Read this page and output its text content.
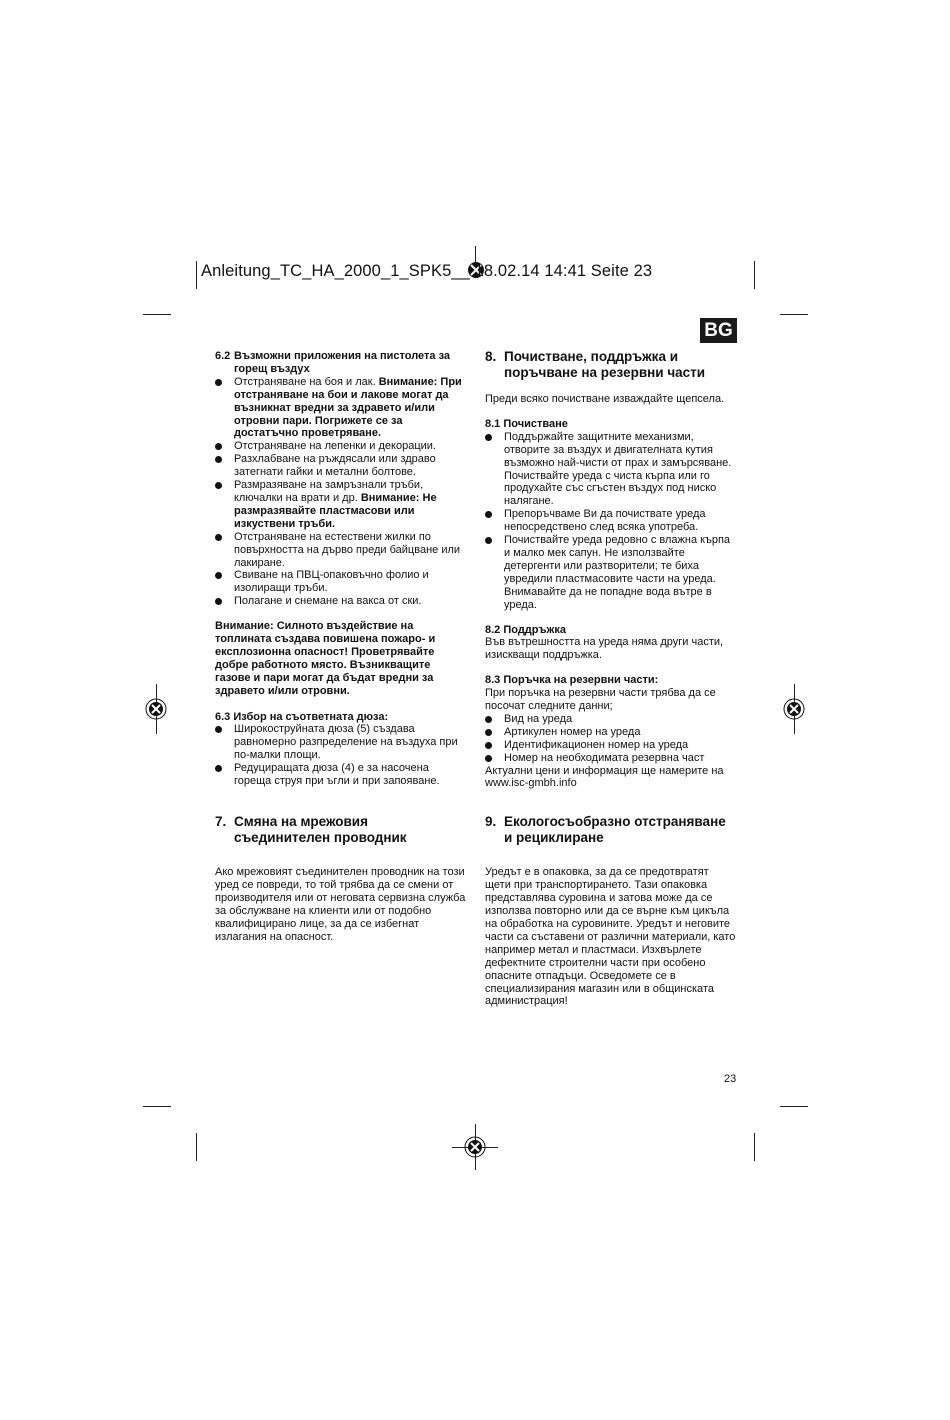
Anleitung_TC_HA_2000_1_SPK5__ 18.02.14 14:41 Seite 23
BG
6.2 Възможни приложения на пистолета за горещ въздух
Отстраняване на боя и лак. Внимание: При отстраняване на бои и лакове могат да възникнат вредни за здравето и/или отровни пари. Погрижете се за достатъчно проветряване.
Отстраняване на лепенки и декорации.
Разхлабване на ръждясали или здраво затегнати гайки и метални болтове.
Размразяване на замръзнали тръби, ключалки на врати и др. Внимание: Не размразявайте пластмасови или изкуствени тръби.
Отстраняване на естествени жилки по повърхността на дърво преди байцване или лакиране.
Свиване на ПВЦ-опаковъчно фолио и изолиращи тръби.
Полагане и снемане на вакса от ски.

Внимание: Силното въздействие на топлината създава повишена пожаро- и експлозионна опасност! Проветрявайте добре работното място. Възникващите газове и пари могат да бъдат вредни за здравето и/или отровни.

6.3 Избор на съответната дюза:

Широкоструйната дюза (5) създава равномерно разпределение на въздуха при по-малки площи.
Редуциращата дюза (4) е за насочена гореща струя при ъгли и при запояване.
7. Смяна на мрежовия съединителен проводник

Ако мрежовият съединителен проводник на този уред се повреди, то той трябва да се смени от производителя или от неговата сервизна служба за обслужване на клиенти или от подобно квалифицирано лице, за да се избегнат излагания на опасност.

8. Почистване, поддръжка и поръчване на резервни части

Преди всяко почистване изваждайте щепсела.

8.1 Почистване

Поддържайте защитните механизми, отворите за въздух и двигателната кутия възможно най-чисти от прах и замърсяване. Почиствайте уреда с чиста кърпа или го продухайте със сгъстен въздух под ниско налягане.
Препоръчваме Ви да почиствате уреда непосредствено след всяка употреба.
Почиствайте уреда редовно с влажна кърпа и малко мек сапун. Не използвайте детергенти или разтворители; те биха увредили пластмасовите части на уреда. Внимавайте да не попадне вода вътре в уреда.

8.2 Поддръжка

Във вътрешността на уреда няма други части, изискващи поддръжка.

8.3 Поръчка на резервни части:

При поръчка на резервни части трябва да се посочат следните данни;

Вид на уреда
Артикулен номер на уреда
Идентификационен номер на уреда
Номер на необходимата резервна част

Актуални цени и информация ще намерите на www.isc-gmbh.info

9. Екологосъобразно отстраняване и рециклиране

Уредът е в опаковка, за да се предотвратят щети при транспортирането. Тази опаковка представлява суровина и затова може да се използва повторно или да се върне към цикъла на обработка на суровините. Уредът и неговите части са съставени от различни материали, като например метал и пластмаси. Изхвърлете дефектните строителни части при особено опасните отпадъци. Осведомете се в специализирания магазин или в общинската администрация!

23
